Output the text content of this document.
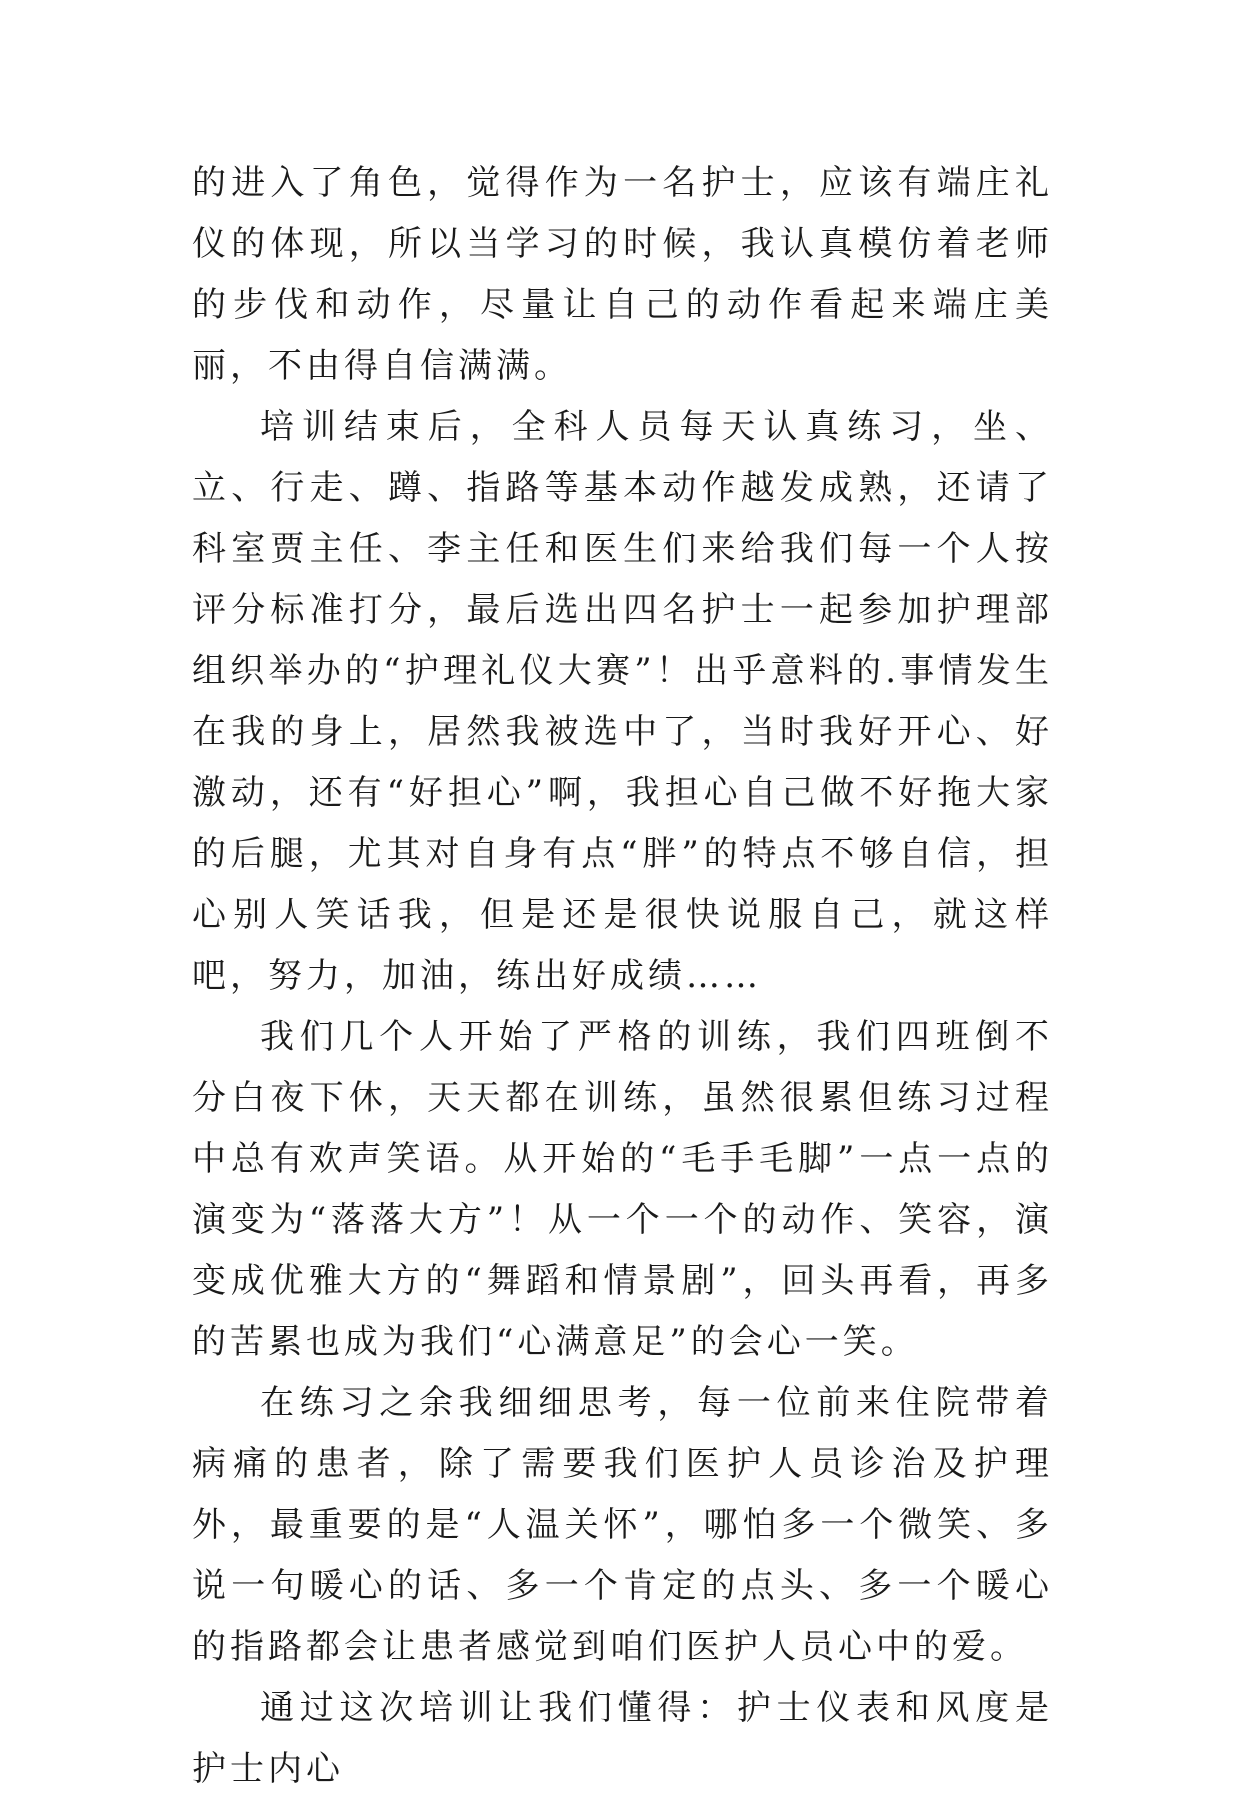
的进入了角色，觉得作为一名护士，应该有端庄礼仪的体现，所以当学习的时候，我认真模仿着老师的步伐和动作，尽量让自己的动作看起来端庄美丽，不由得自信满满。

培训结束后，全科人员每天认真练习，坐、立、行走、蹲、指路等基本动作越发成熟，还请了科室贾主任、李主任和医生们来给我们每一个人按评分标准打分，最后选出四名护士一起参加护理部组织举办的“护理礼仪大赛”！出乎意料的.事情发生在我的身上，居然我被选中了，当时我好开心、好激动，还有“好担心”啊，我担心自己做不好拖大家的后腿，尤其对自身有点“胖”的特点不够自信，担心别人笑话我，但是还是很快说服自己，就这样吧，努力，加油，练出好成绩……

我们几个人开始了严格的训练，我们四班倒不分白夜下休，天天都在训练，虽然很累但练习过程中总有欢声笑语。从开始的“毛手毛脚”一点一点的演变为“落落大方”！从一个一个的动作、笑容，演变成优雅大方的“舞蹈和情景剧”，回头再看，再多的苦累也成为我们“心满意足”的会心一笑。

在练习之余我细细思考，每一位前来住院带着病痛的患者，除了需要我们医护人员诊治及护理外，最重要的是“人温关怀”，哪怕多一个微笑、多说一句暖心的话、多一个肯定的点头、多一个暖心的指路都会让患者感觉到咱们医护人员心中的爱。

通过这次培训让我们懂得：护士仪表和风度是护士内心
